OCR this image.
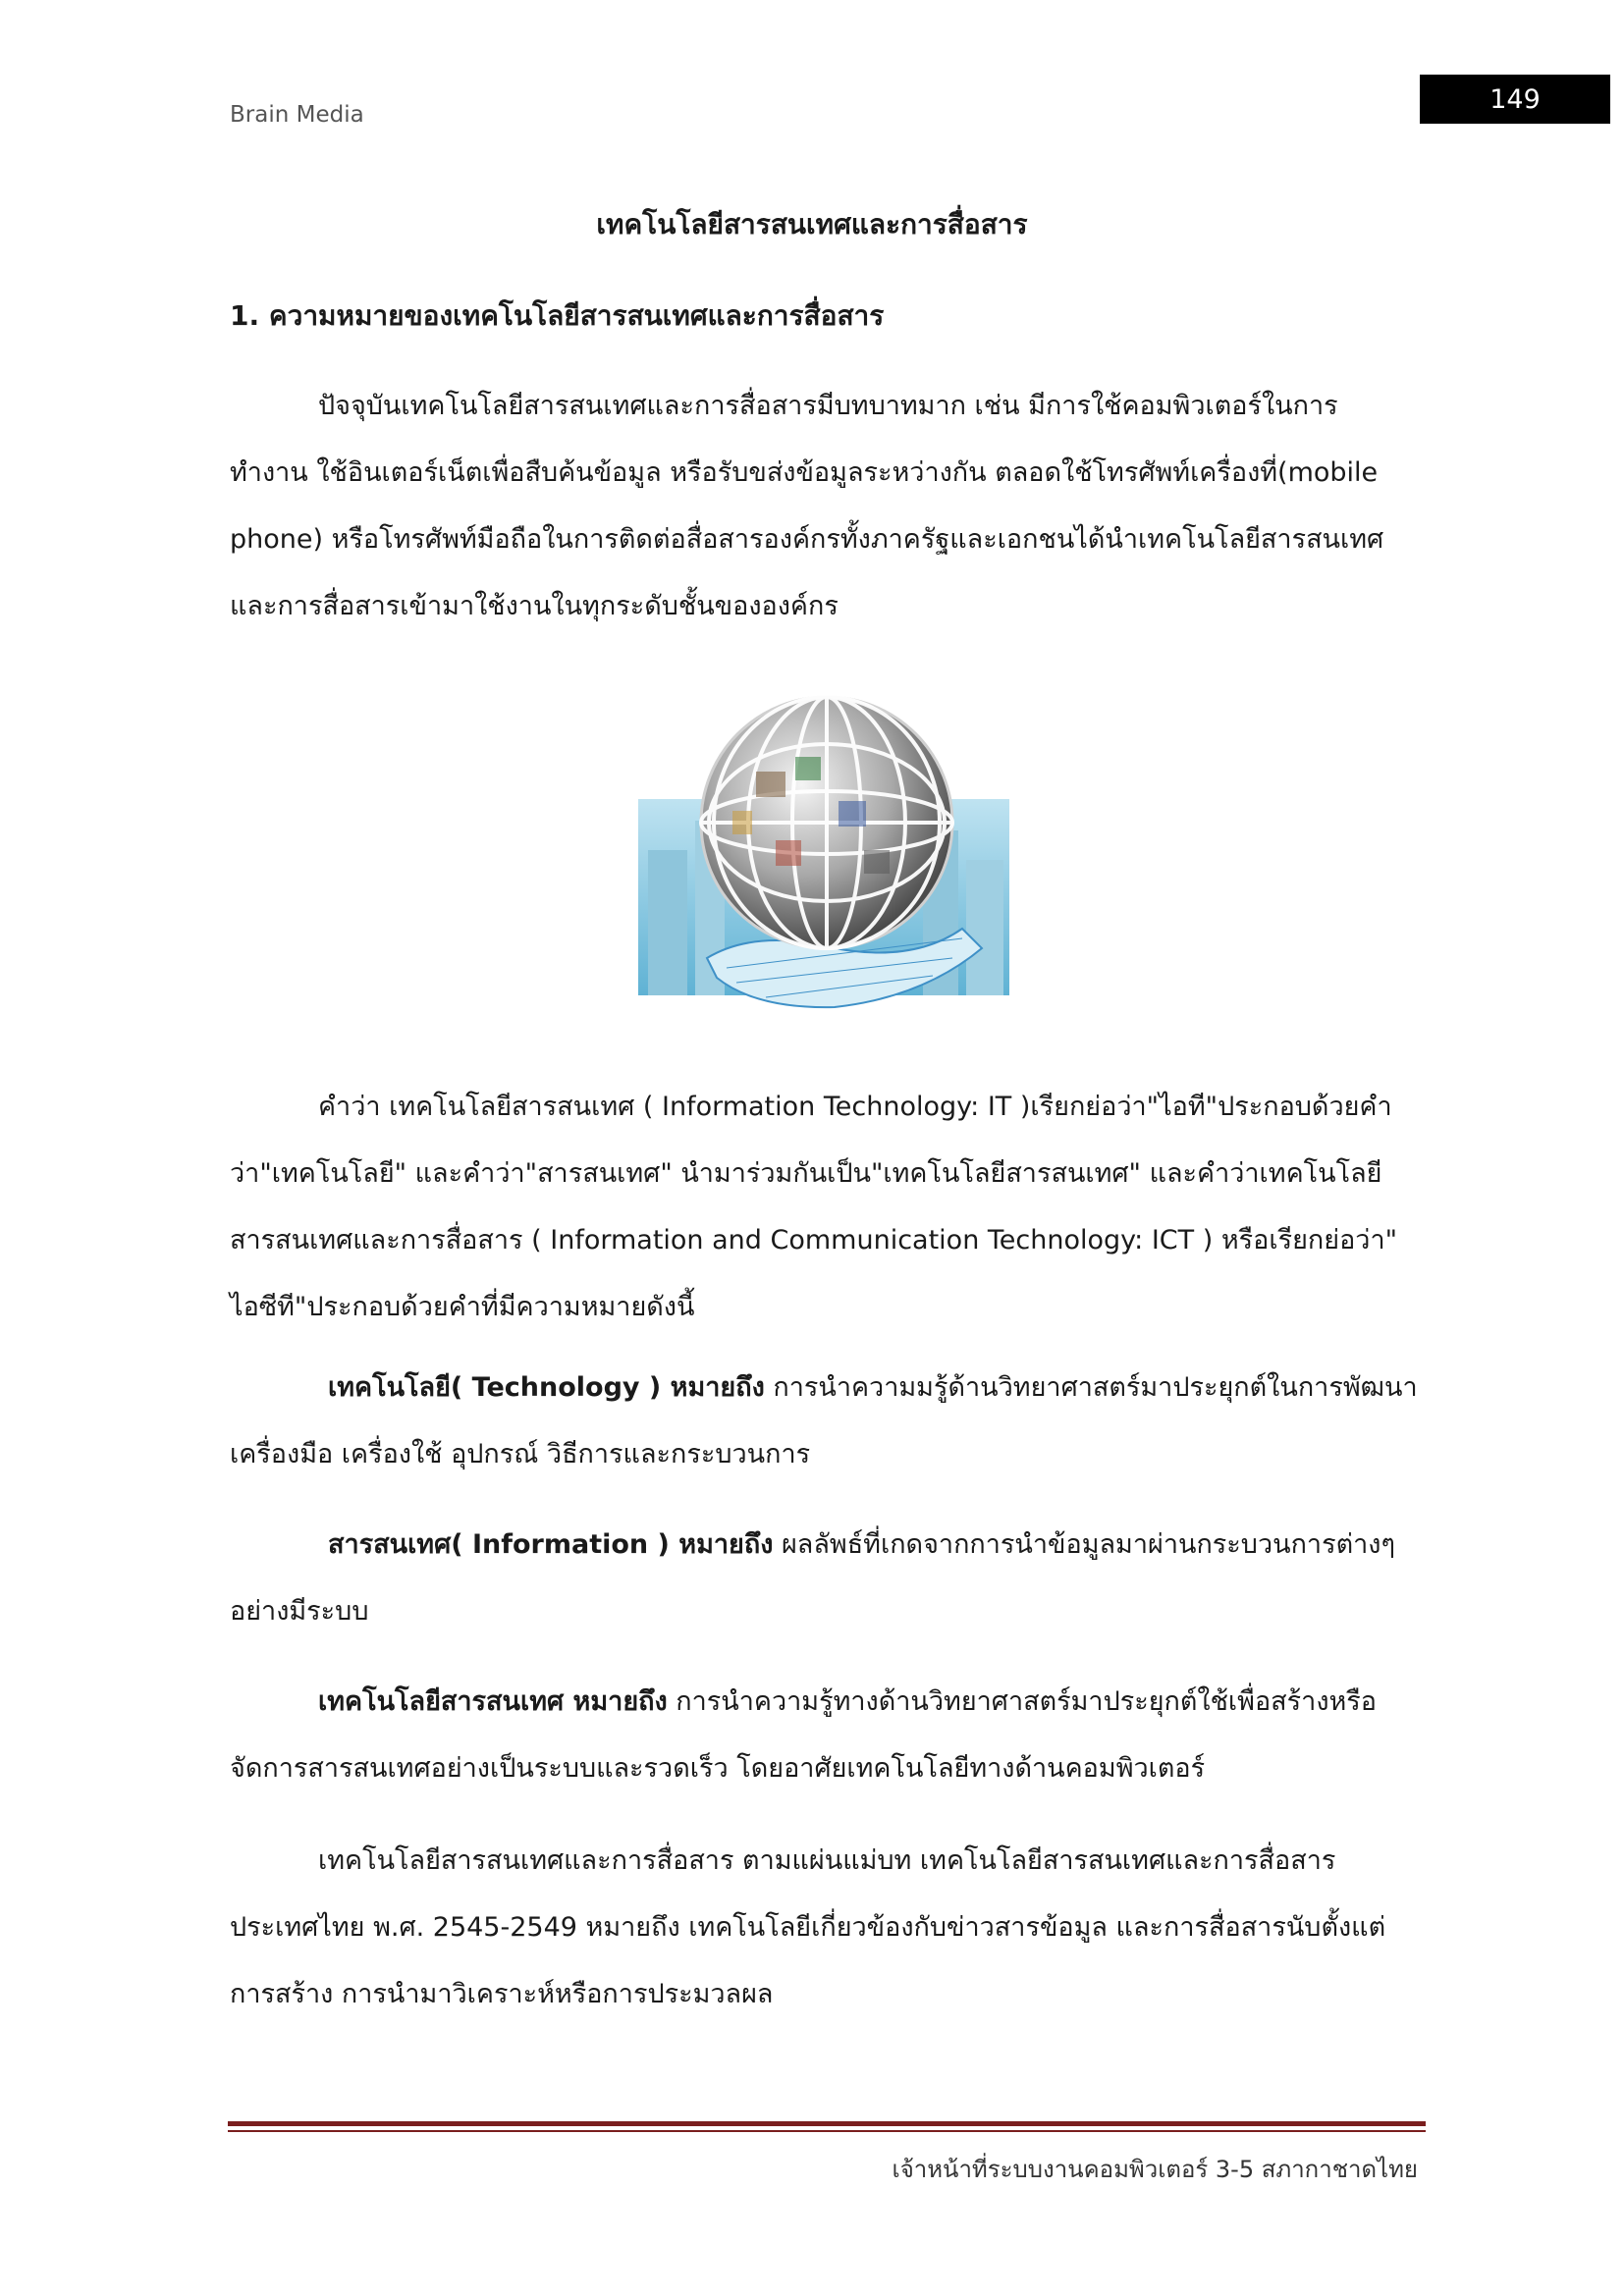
Brain Media
149
เทคโนโลยีสารสนเทศและการสื่อสาร
1. ความหมายของเทคโนโลยีสารสนเทศและการสื่อสาร
ปัจจุบันเทคโนโลยีสารสนเทศและการสื่อสารมีบทบาทมาก เช่น มีการใช้คอมพิวเตอร์ในการ
ทำงาน ใช้อินเตอร์เน็ตเพื่อสืบค้นข้อมูล หรือรับขส่งข้อมูลระหว่างกัน ตลอดใช้โทรศัพท์เครื่องที่(mobile
phone) หรือโทรศัพท์มือถือในการติดต่อสื่อสารองค์กรทั้งภาครัฐและเอกชนได้นำเทคโนโลยีสารสนเทศ
และการสื่อสารเข้ามาใช้งานในทุกระดับชั้นขององค์กร
คำว่า เทคโนโลยีสารสนเทศ ( Information Technology: IT )เรียกย่อว่า"ไอที"ประกอบด้วยคำ
ว่า"เทคโนโลยี" และคำว่า"สารสนเทศ" นำมาร่วมกันเป็น"เทคโนโลยีสารสนเทศ" และคำว่าเทคโนโลยี
สารสนเทศและการสื่อสาร ( Information and Communication Technology: ICT ) หรือเรียกย่อว่า"
ไอซีที"ประกอบด้วยคำที่มีความหมายดังนี้
เทคโนโลยี( Technology ) หมายถึง การนำความมรู้ด้านวิทยาศาสตร์มาประยุกต์ในการพัฒนา
เครื่องมือ เครื่องใช้ อุปกรณ์ วิธีการและกระบวนการ
สารสนเทศ( Information ) หมายถึง ผลลัพธ์ที่เกดจากการนำข้อมูลมาผ่านกระบวนการต่างๆ
อย่างมีระบบ
เทคโนโลยีสารสนเทศ หมายถึง การนำความรู้ทางด้านวิทยาศาสตร์มาประยุกต์ใช้เพื่อสร้างหรือ
จัดการสารสนเทศอย่างเป็นระบบและรวดเร็ว โดยอาศัยเทคโนโลยีทางด้านคอมพิวเตอร์
เทคโนโลยีสารสนเทศและการสื่อสาร ตามแผ่นแม่บท เทคโนโลยีสารสนเทศและการสื่อสาร
ประเทศไทย พ.ศ. 2545-2549 หมายถึง เทคโนโลยีเกี่ยวข้องกับข่าวสารข้อมูล และการสื่อสารนับตั้งแต่
การสร้าง การนำมาวิเคราะห์หรือการประมวลผล
เจ้าหน้าที่ระบบงานคอมพิวเตอร์ 3-5 สภากาชาดไทย
